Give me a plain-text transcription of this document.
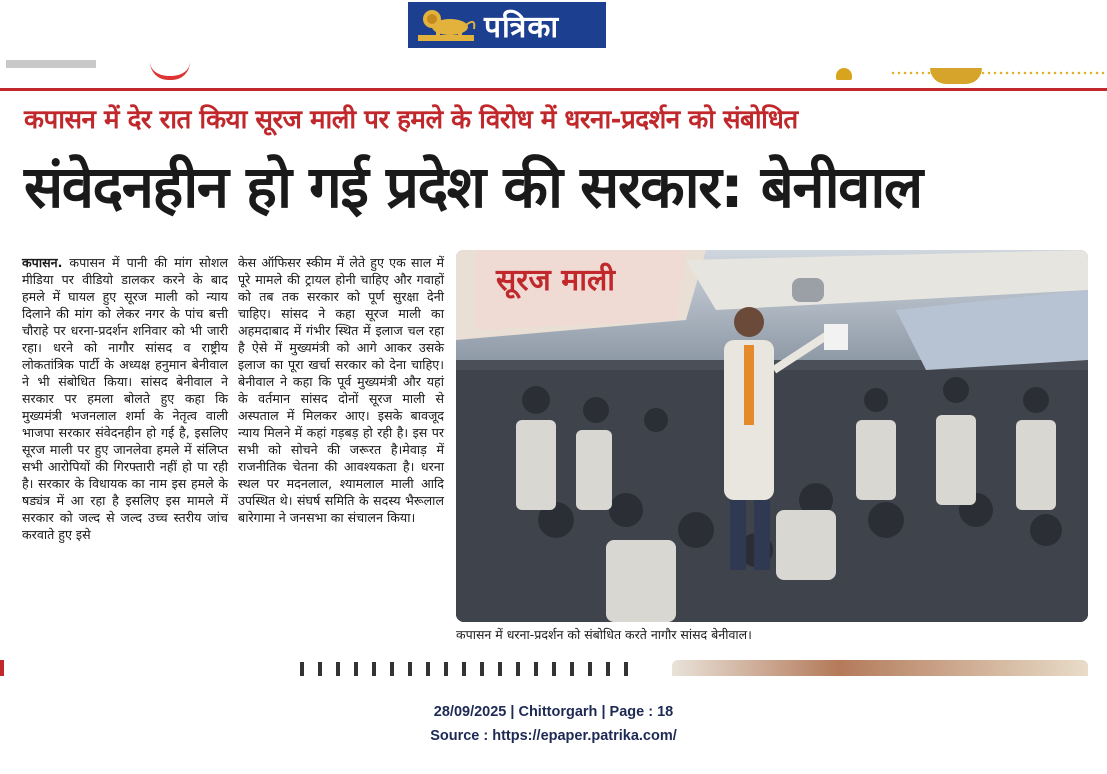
पत्रिका
कपासन में देर रात किया सूरज माली पर हमले के विरोध में धरना-प्रदर्शन को संबोधित
संवेदनहीन हो गई प्रदेश की सरकार: बेनीवाल

कपासन. कपासन में पानी की मांग सोशल मीडिया पर वीडियो डालकर करने के बाद हमले में घायल हुए सूरज माली को न्याय दिलाने की मांग को लेकर नगर के पांच बत्ती चौराहे पर धरना-प्रदर्शन शनिवार को भी जारी रहा। धरने को नागौर सांसद व राष्ट्रीय लोकतांत्रिक पार्टी के अध्यक्ष हनुमान बेनीवाल ने भी संबोधित किया। सांसद बेनीवाल ने सरकार पर हमला बोलते हुए कहा कि मुख्यमंत्री भजनलाल शर्मा के नेतृत्व वाली भाजपा सरकार संवेदनहीन हो गई है, इसलिए सूरज माली पर हुए जानलेवा हमले में संलिप्त सभी आरोपियों की गिरफ्तारी नहीं हो पा रही है। सरकार के विधायक का नाम इस हमले के षड्यंत्र में आ रहा है इसलिए इस मामले में सरकार को जल्द से जल्द उच्च स्तरीय जांच करवाते हुए इसे

केस ऑफिसर स्कीम में लेते हुए एक साल में पूरे मामले की ट्रायल होनी चाहिए और गवाहों को तब तक सरकार को पूर्ण सुरक्षा देनी चाहिए। सांसद ने कहा सूरज माली का अहमदाबाद में गंभीर स्थित में इलाज चल रहा है ऐसे में मुख्यमंत्री को आगे आकर उसके इलाज का पूरा खर्चा सरकार को देना चाहिए। बेनीवाल ने कहा कि पूर्व मुख्यमंत्री और यहां के वर्तमान सांसद दोनों सूरज माली से अस्पताल में मिलकर आए। इसके बावजूद न्याय मिलने में कहां गड़बड़ हो रही है। इस पर सभी को सोचने की जरूरत है।मेवाड़ में राजनीतिक चेतना की आवश्यकता है। धरना स्थल पर मदनलाल, श्यामलाल माली आदि उपस्थित थे। संघर्ष समिति के सदस्य भैरूलाल बारेगामा ने जनसभा का संचालन किया।

सूरज माली
कपासन में धरना-प्रदर्शन को संबोधित करते नागौर सांसद बेनीवाल।
28/09/2025 | Chittorgarh | Page : 18
Source : https://epaper.patrika.com/
